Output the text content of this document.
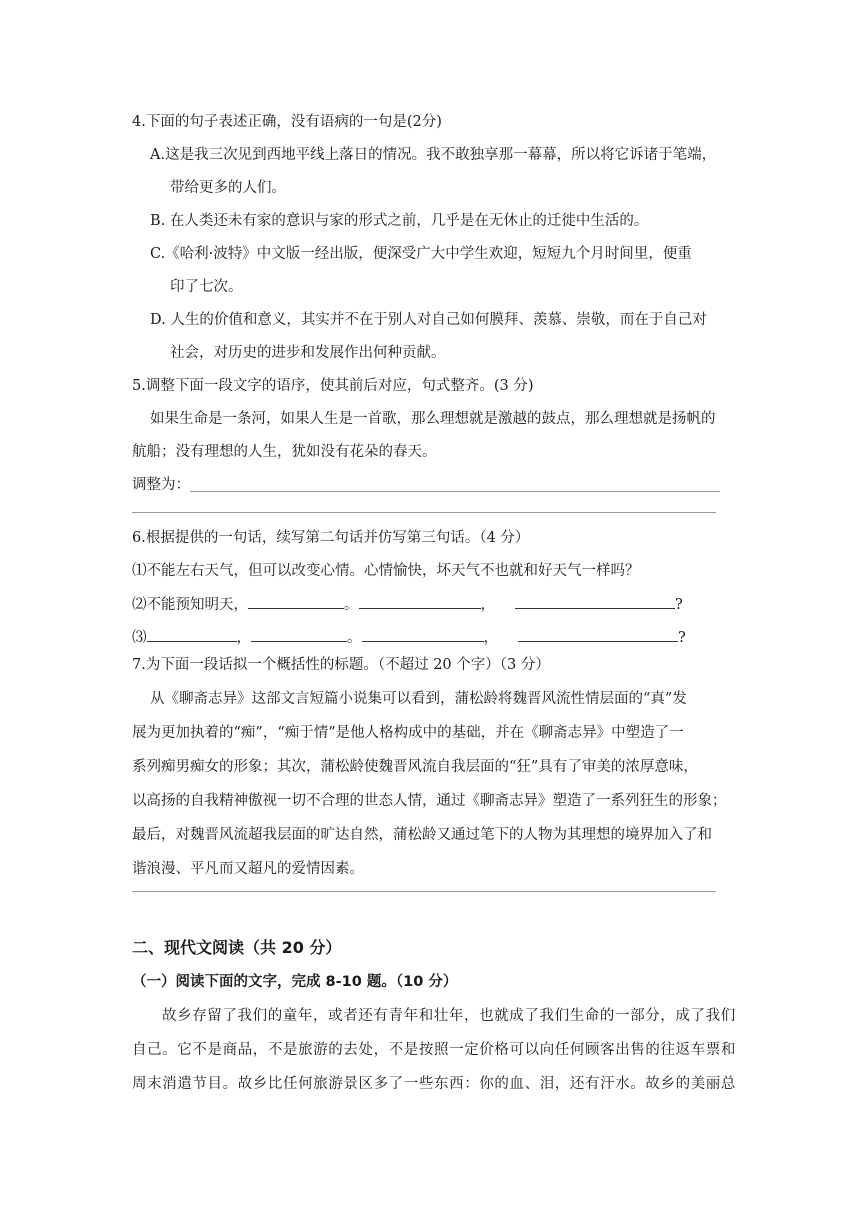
4.下面的句子表述正确，没有语病的一句是(2分)
A.这是我三次见到西地平线上落日的情况。我不敢独享那一幕幕，所以将它诉诸于笔端，
带给更多的人们。
B. 在人类还未有家的意识与家的形式之前，几乎是在无休止的迁徙中生活的。
C.《哈利·波特》中文版一经出版，便深受广大中学生欢迎，短短九个月时间里，便重
印了七次。
D. 人生的价值和意义，其实并不在于别人对自己如何膜拜、羡慕、崇敬，而在于自己对
社会，对历史的进步和发展作出何种贡献。
5.调整下面一段文字的语序，使其前后对应，句式整齐。(3 分)
如果生命是一条河，如果人生是一首歌，那么理想就是激越的鼓点，那么理想就是扬帆的
航船；没有理想的人生，犹如没有花朵的春天。
调整为：
6.根据提供的一句话，续写第二句话并仿写第三句话。（4 分）
⑴不能左右天气，但可以改变心情。心情愉快，坏天气不也就和好天气一样吗？
⑵不能预知明天，	。	，	?
⑶	，	。	，	?
7.为下面一段话拟一个概括性的标题。（不超过 20 个字）（3 分）
从《聊斋志异》这部文言短篇小说集可以看到，蒲松龄将魏晋风流性情层面的“真”发
展为更加执着的“痴”，“痴于情”是他人格构成中的基础，并在《聊斋志异》中塑造了一
系列痴男痴女的形象；其次，蒲松龄使魏晋风流自我层面的“狂”具有了审美的浓厚意味，
以高扬的自我精神傲视一切不合理的世态人情，通过《聊斋志异》塑造了一系列狂生的形象；
最后，对魏晋风流超我层面的旷达自然，蒲松龄又通过笔下的人物为其理想的境界加入了和
谐浪漫、平凡而又超凡的爱情因素。
二、现代文阅读（共 20 分）
（一）阅读下面的文字，完成 8-10 题。（10 分）
故乡存留了我们的童年，或者还有青年和壮年，也就成了我们生命的一部分，成了我们
自己。它不是商品，不是旅游的去处，不是按照一定价格可以向任何顾客出售的往返车票和
周末消遣节目。故乡比任何旅游景区多了一些东西：你的血、泪，还有汗水。故乡的美丽总
